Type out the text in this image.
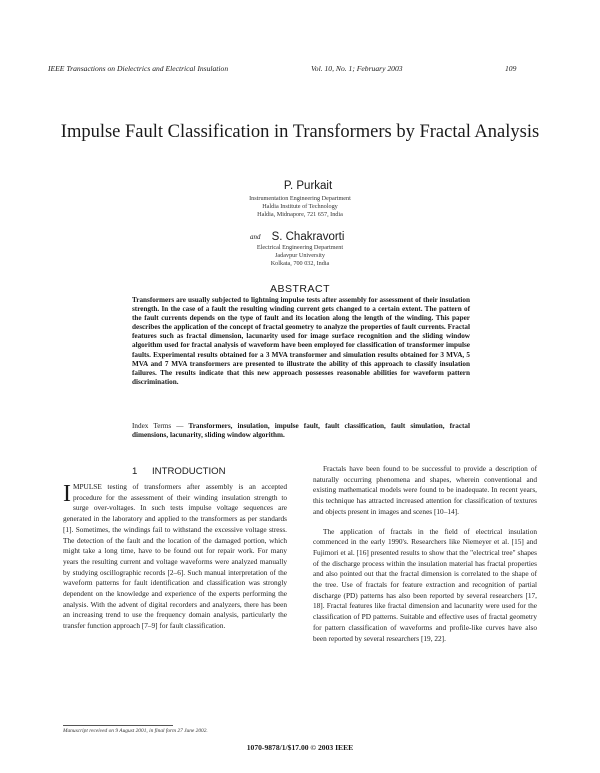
IEEE Transactions on Dielectrics and Electrical Insulation	Vol. 10, No. 1; February 2003	109
Impulse Fault Classification in Transformers by Fractal Analysis
P. Purkait
Instrumentation Engineering Department
Haldia Institute of Technology
Haldia, Midnapore, 721 657, India
and S. Chakravorti
Electrical Engineering Department
Jadavpur University
Kolkata, 700 032, India
ABSTRACT
Transformers are usually subjected to lightning impulse tests after assembly for assessment of their insulation strength. In the case of a fault the resulting winding current gets changed to a certain extent. The pattern of the fault currents depends on the type of fault and its location along the length of the winding. This paper describes the application of the concept of fractal geometry to analyze the properties of fault currents. Fractal features such as fractal dimension, lacunarity used for image surface recognition and the sliding window algorithm used for fractal analysis of waveform have been employed for classification of transformer impulse faults. Experimental results obtained for a 3 MVA transformer and simulation results obtained for 3 MVA, 5 MVA and 7 MVA transformers are presented to illustrate the ability of this approach to classify insulation failures. The results indicate that this new approach possesses reasonable abilities for waveform pattern discrimination.
Index Terms — Transformers, insulation, impulse fault, fault classification, fault simulation, fractal dimensions, lacunarity, sliding window algorithm.
1 INTRODUCTION
I MPULSE testing of transformers after assembly is an accepted procedure for the assessment of their winding insulation strength to surge over-voltages. In such tests impulse voltage sequences are generated in the laboratory and applied to the transformers as per standards [1]. Sometimes, the windings fail to withstand the excessive voltage stress. The detection of the fault and the location of the damaged portion, which might take a long time, have to be found out for repair work. For many years the resulting current and voltage waveforms were analyzed manually by studying oscillographic records [2–6]. Such manual interpretation of the waveform patterns for fault identification and classification was strongly dependent on the knowledge and experience of the experts performing the analysis. With the advent of digital recorders and analyzers, there has been an increasing trend to use the frequency domain analysis, particularly the transfer function approach [7–9] for fault classification.
Fractals have been found to be successful to provide a description of naturally occurring phenomena and shapes, wherein conventional and existing mathematical models were found to be inadequate. In recent years, this technique has attracted increased attention for classification of textures and objects present in images and scenes [10–14].
The application of fractals in the field of electrical insulation commenced in the early 1990's. Researchers like Niemeyer et al. [15] and Fujimori et al. [16] presented results to show that the "electrical tree" shapes of the discharge process within the insulation material has fractal properties and also pointed out that the fractal dimension is correlated to the shape of the tree. Use of fractals for feature extraction and recognition of partial discharge (PD) patterns has also been reported by several researchers [17, 18]. Fractal features like fractal dimension and lacunarity were used for the classification of PD patterns. Suitable and effective uses of fractal geometry for pattern classification of waveforms and profile-like curves have also been reported by several researchers [19, 22].
Manuscript received on 9 August 2001, in final form 27 June 2002.
1070-9878/1/$17.00 © 2003 IEEE
